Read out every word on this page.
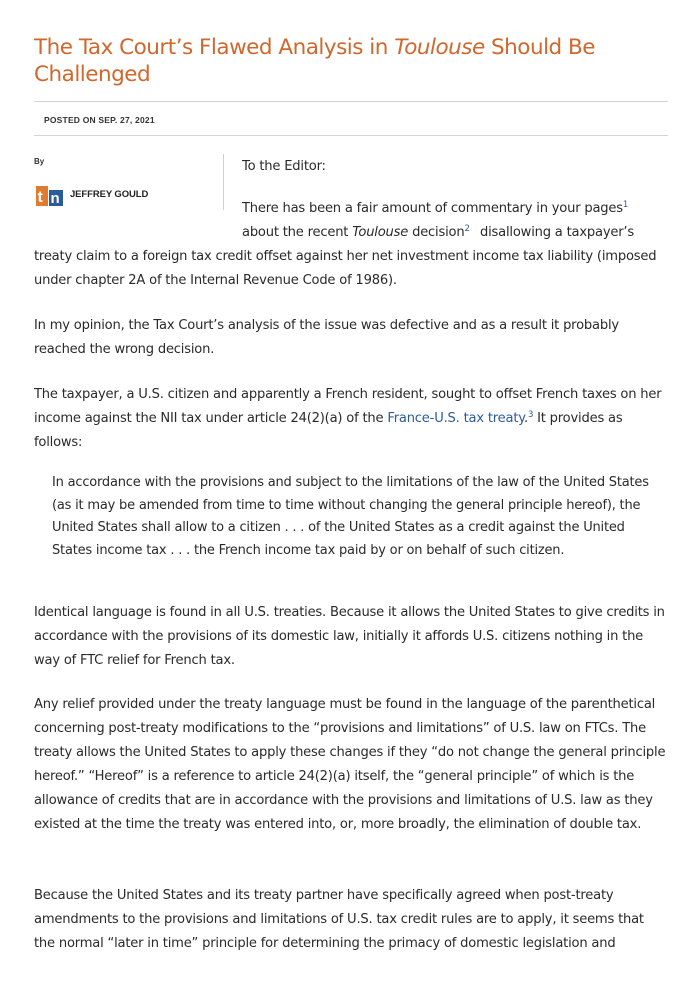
The Tax Court’s Flawed Analysis in Toulouse Should Be Challenged
POSTED ON SEP. 27, 2021
By
t n JEFFREY GOULD
To the Editor:

There has been a fair amount of commentary in your pages$^1$
about the recent Toulouse decision$^2$ disallowing a taxpayer’s treaty claim to a foreign tax credit offset against her net investment income tax liability (imposed under chapter 2A of the Internal Revenue Code of 1986).

In my opinion, the Tax Court’s analysis of the issue was defective and as a result it probably reached the wrong decision.

The taxpayer, a U.S. citizen and apparently a French resident, sought to offset French taxes on her income against the NII tax under article 24(2)(a) of the France-U.S. tax treaty.$^3$ It provides as follows:

In accordance with the provisions and subject to the limitations of the law of the United States (as it may be amended from time to time without changing the general principle hereof), the United States shall allow to a citizen . . . of the United States as a credit against the United States income tax . . . the French income tax paid by or on behalf of such citizen.

Identical language is found in all U.S. treaties. Because it allows the United States to give credits in accordance with the provisions of its domestic law, initially it affords U.S. citizens nothing in the way of FTC relief for French tax.

Any relief provided under the treaty language must be found in the language of the parenthetical concerning post-treaty modifications to the “provisions and limitations” of U.S. law on FTCs. The treaty allows the United States to apply these changes if they “do not change the general principle hereof.” “Hereof” is a reference to article 24(2)(a) itself, the “general principle” of which is the allowance of credits that are in accordance with the provisions and limitations of U.S. law as they existed at the time the treaty was entered into, or, more broadly, the elimination of double tax.

Because the United States and its treaty partner have specifically agreed when post-treaty amendments to the provisions and limitations of U.S. tax credit rules are to apply, it seems that the normal “later in time” principle for determining the primacy of domestic legislation and
